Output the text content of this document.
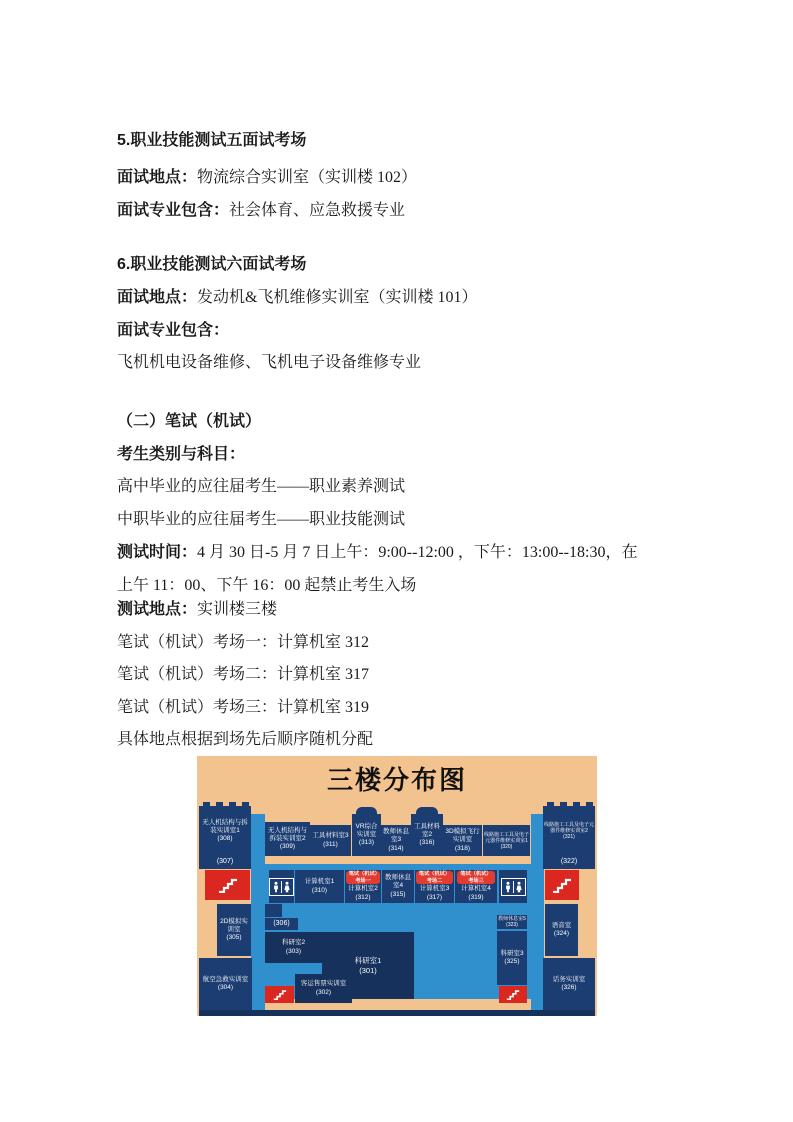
5.职业技能测试五面试考场

面试地点：物流综合实训室（实训楼 102）

面试专业包含：社会体育、应急救援专业

6.职业技能测试六面试考场

面试地点：发动机&飞机维修实训室（实训楼 101）

面试专业包含：

飞机机电设备维修、飞机电子设备维修专业

（二）笔试（机试）

考生类别与科目：

高中毕业的应往届考生——职业素养测试

中职毕业的应往届考生——职业技能测试

测试时间：4 月 30 日-5 月 7 日上午：9:00--12:00 ，下午：13:00--18:30，在

上午 11：00、下午 16：00 起禁止考生入场

测试地点：实训楼三楼

笔试（机试）考场一：计算机室 312

笔试（机试）考场二：计算机室 317

笔试（机试）考场三：计算机室 319

具体地点根据到场先后顺序随机分配

三楼分布图
无人机结构与拆装实训室1
(308)
无人机结构与拆装实训室2
(309)
工具材料室3
(311)
VR综合实训室
(313)
教师休息室3
(314)
工具材料室2
(316)
3D模拟飞行实训室
(318)
线路施工工具及电子元器件维修实训室1
(320)
线路施工工具及电子元器件维修实训室2
(321)
(307)	(322)
计算机室1
(310)
笔试（机试）考场一
计算机室2
(312)
教师休息室4
(315)
笔试（机试）考场二
计算机室3
(317)
笔试（机试）考场三
计算机室4
(319)
2D模拟实训室
(305)
航空急救实训室
(304)
(306)
科研室2
(303)
科研室1
(301)
客运售票实训室
(302)
教师休息室5
(323)
科研室3
(325)
语音室
(324)
话务实训室
(326)
